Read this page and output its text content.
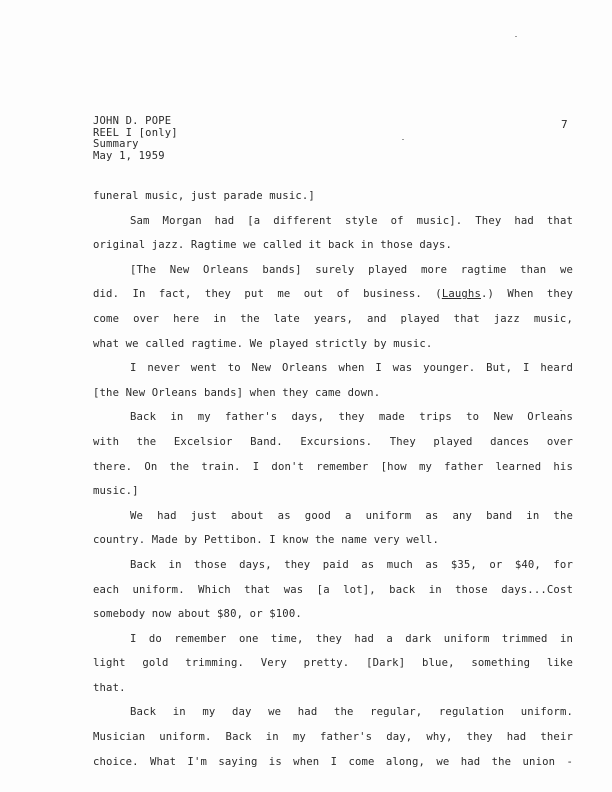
JOHN D. POPE
REEL I [only]
Summary
May 1, 1959
7
funeral music, just parade music.]
Sam Morgan had [a different style of music]. They had that
original jazz. Ragtime we called it back in those days.
[The New Orleans bands] surely played more ragtime than we
did. In fact, they put me out of business. (Laughs.) When they
come over here in the late years, and played that jazz music,
what we called ragtime. We played strictly by music.
I never went to New Orleans when I was younger. But, I heard
[the New Orleans bands] when they came down.
Back in my father's days, they made trips to New Orleans
with the Excelsior Band. Excursions. They played dances over
there. On the train. I don't remember [how my father learned his
music.]
We had just about as good a uniform as any band in the
country. Made by Pettibon. I know the name very well.
Back in those days, they paid as much as $35, or $40, for
each uniform. Which that was [a lot], back in those days...Cost
somebody now about $80, or $100.
I do remember one time, they had a dark uniform trimmed in
light gold trimming. Very pretty. [Dark] blue, something like
that.
Back in my day we had the regular, regulation uniform.
Musician uniform. Back in my father's day, why, they had their
choice. What I'm saying is when I come along, we had the union -
